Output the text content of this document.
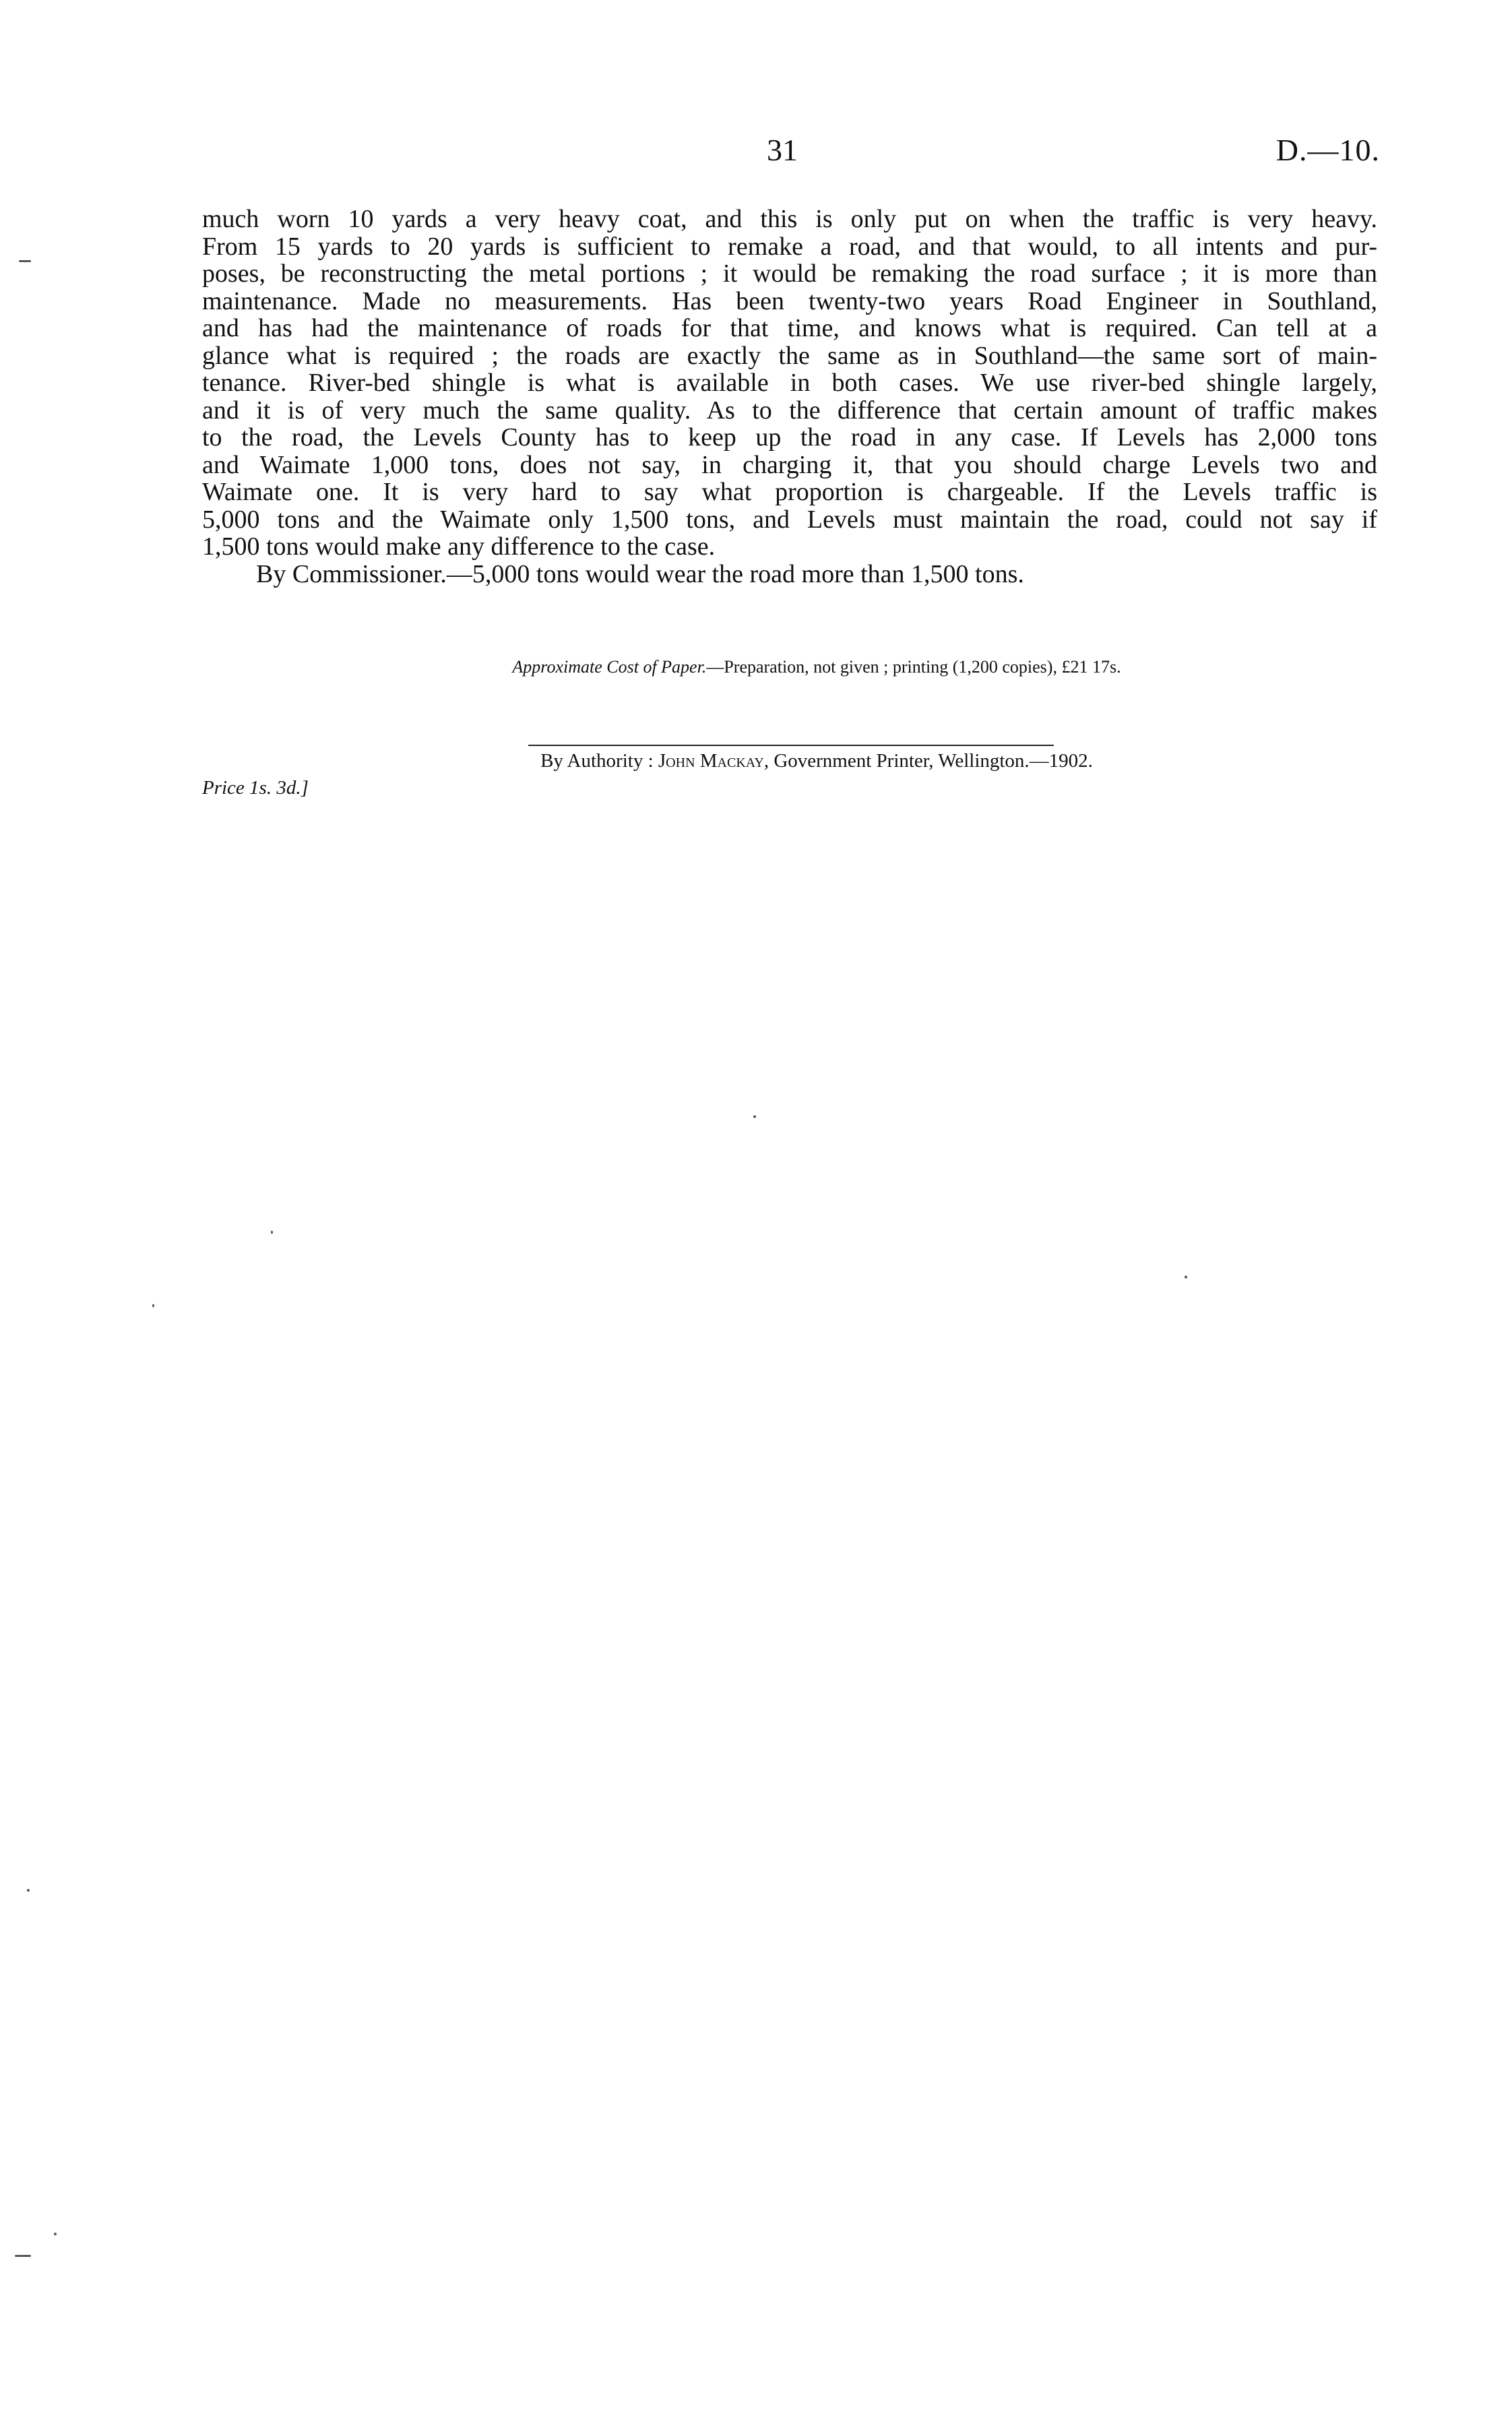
31	D.—10.
much worn 10 yards a very heavy coat, and this is only put on when the traffic is very heavy.
From 15 yards to 20 yards is sufficient to remake a road, and that would, to all intents and pur-
poses, be reconstructing the metal portions ; it would be remaking the road surface ; it is more than
maintenance. Made no measurements. Has been twenty-two years Road Engineer in Southland,
and has had the maintenance of roads for that time, and knows what is required. Can tell at a
glance what is required ; the roads are exactly the same as in Southland—the same sort of main-
tenance. River-bed shingle is what is available in both cases. We use river-bed shingle largely,
and it is of very much the same quality. As to the difference that certain amount of traffic makes
to the road, the Levels County has to keep up the road in any case. If Levels has 2,000 tons
and Waimate 1,000 tons, does not say, in charging it, that you should charge Levels two and
Waimate one. It is very hard to say what proportion is chargeable. If the Levels traffic is
5,000 tons and the Waimate only 1,500 tons, and Levels must maintain the road, could not say if
1,500 tons would make any difference to the case.
By Commissioner.—5,000 tons would wear the road more than 1,500 tons.
Approximate Cost of Paper.—Preparation, not given ; printing (1,200 copies), £21 17s.
By Authority : John Mackay, Government Printer, Wellington.—1902.
Price 1s. 3d.]
